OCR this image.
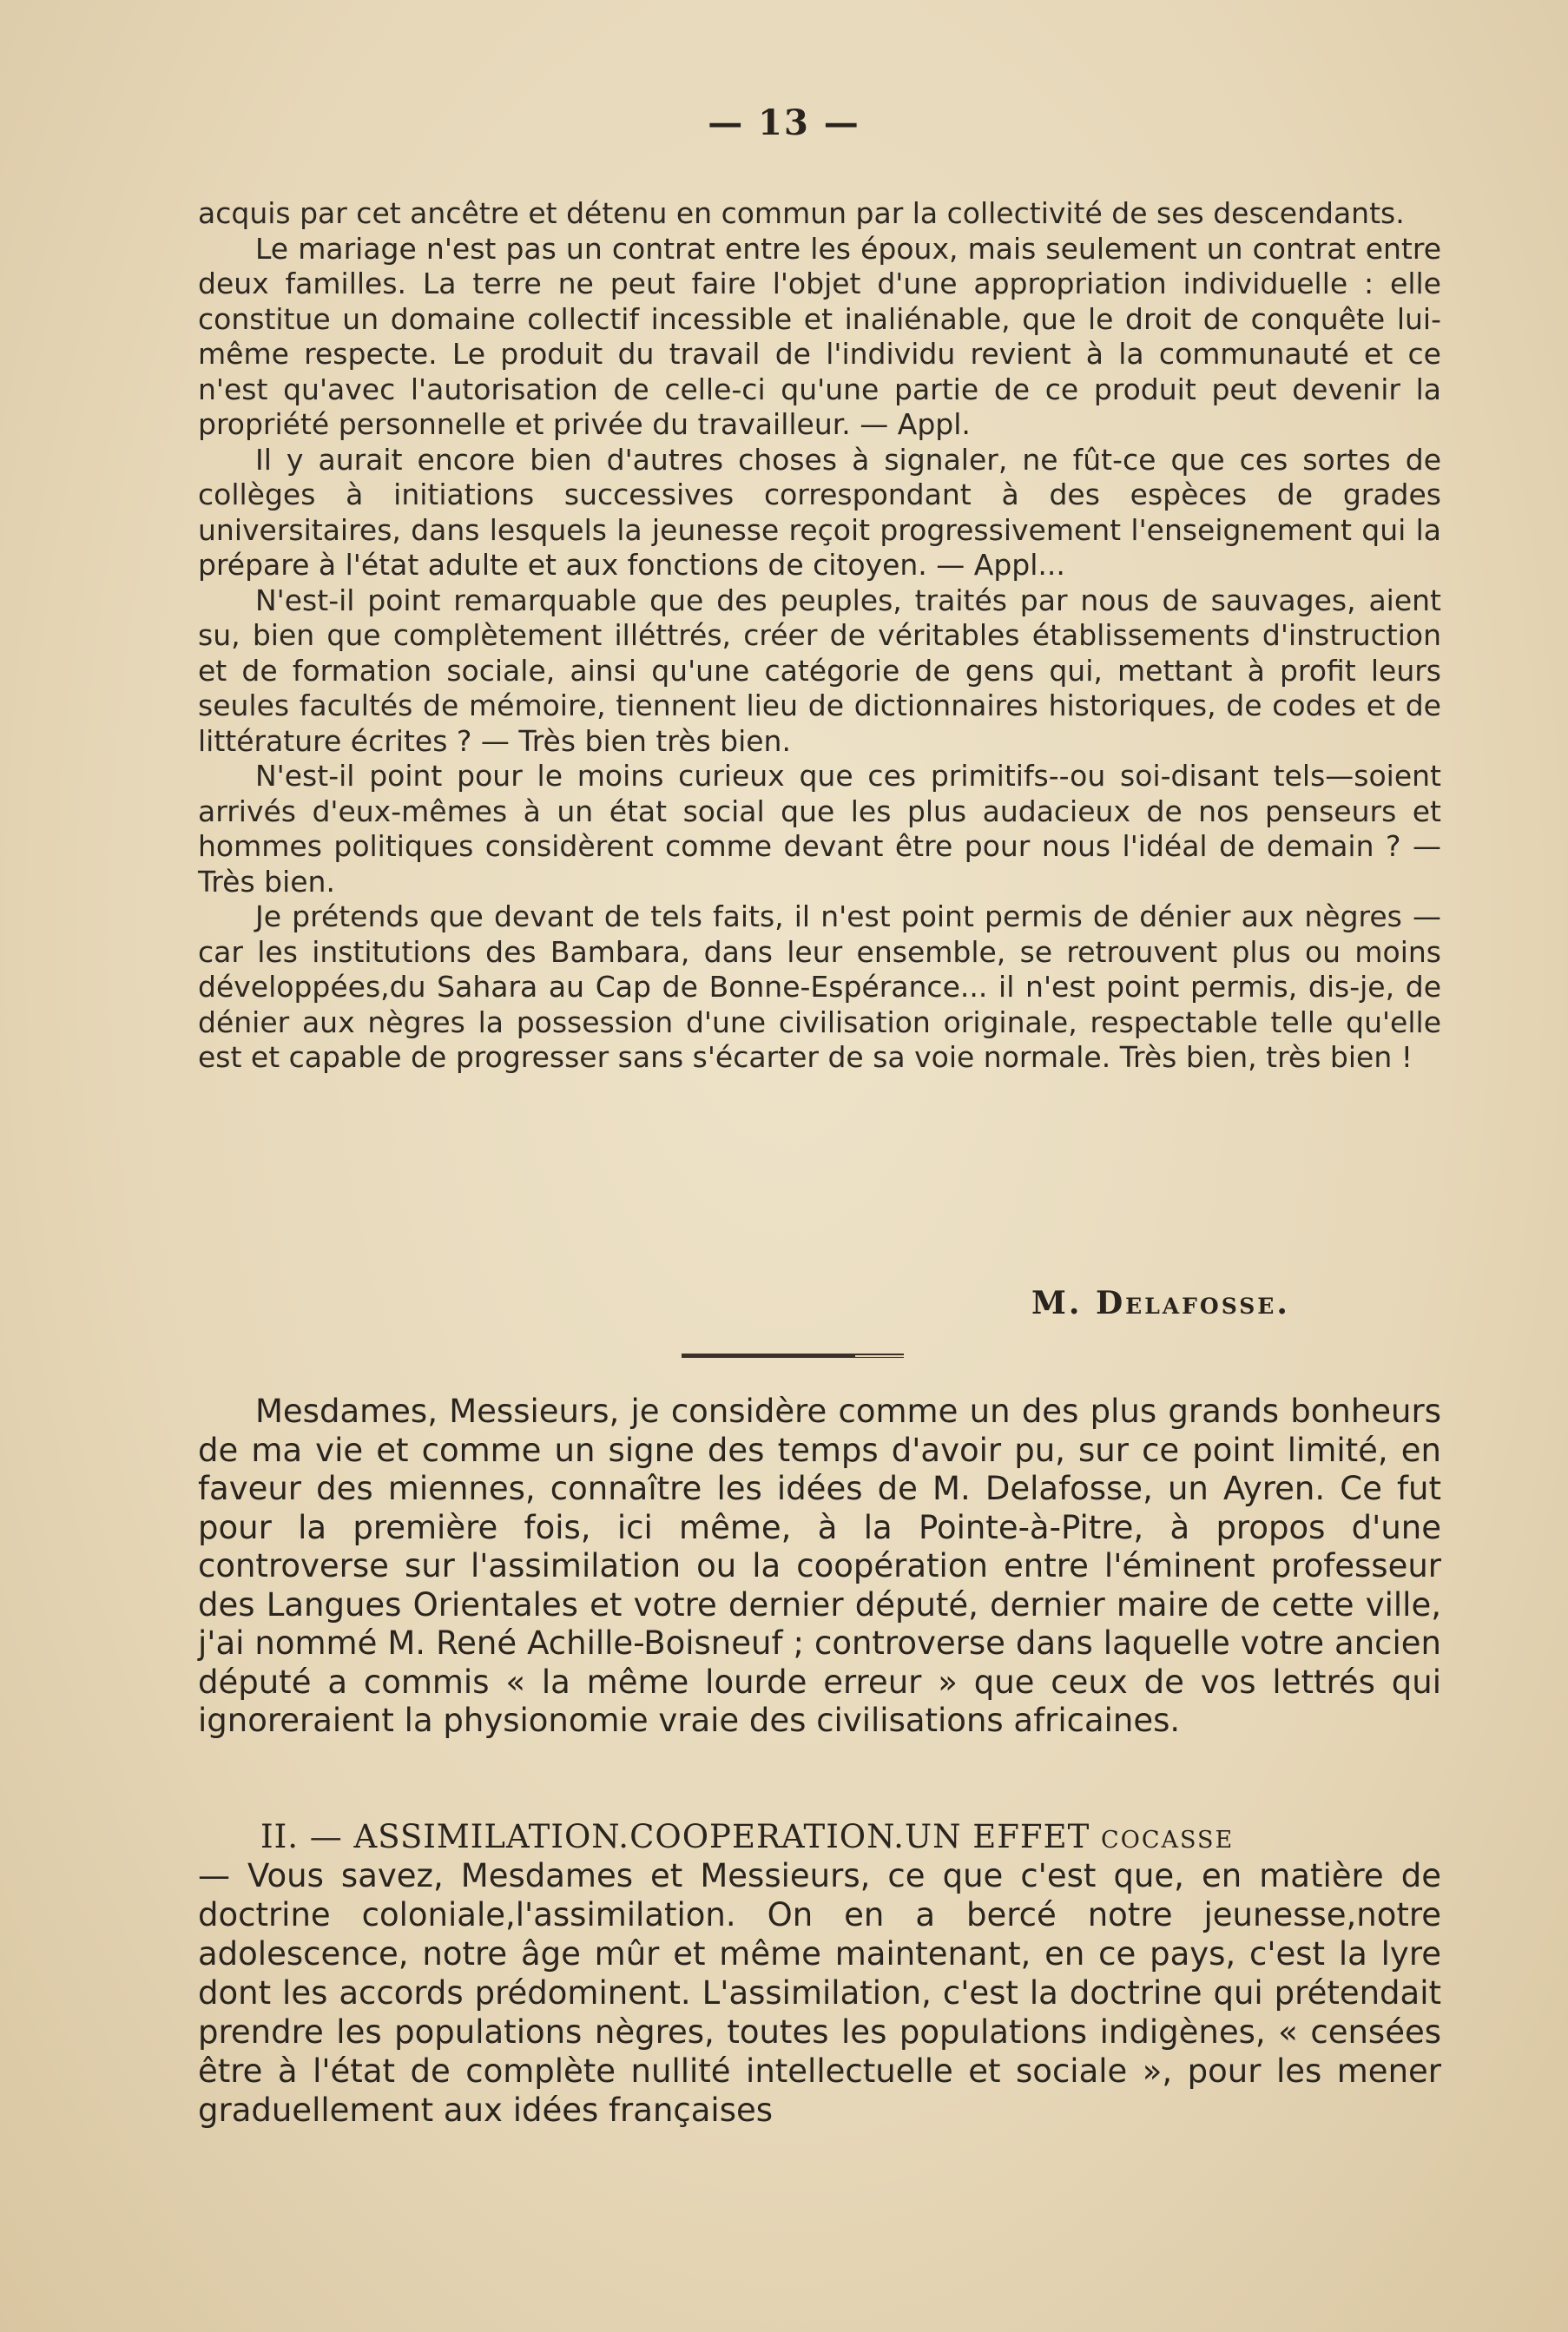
— 13 —

acquis par cet ancêtre et détenu en commun par la collectivité de ses descendants.

Le mariage n'est pas un contrat entre les époux, mais seulement un contrat entre deux familles. La terre ne peut faire l'objet d'une appropriation individuelle : elle constitue un domaine collectif incessible et inaliénable, que le droit de conquête lui-même respecte. Le produit du travail de l'individu revient à la communauté et ce n'est qu'avec l'autorisation de celle-ci qu'une partie de ce produit peut devenir la propriété personnelle et privée du travailleur. — Appl.

Il y aurait encore bien d'autres choses à signaler, ne fût-ce que ces sortes de collèges à initiations successives correspondant à des espèces de grades universitaires, dans lesquels la jeunesse reçoit progressivement l'enseignement qui la prépare à l'état adulte et aux fonctions de citoyen. — Appl...

N'est-il point remarquable que des peuples, traités par nous de sauvages, aient su, bien que complètement illéttrés, créer de véritables établissements d'instruction et de formation sociale, ainsi qu'une catégorie de gens qui, mettant à profit leurs seules facultés de mémoire, tiennent lieu de dictionnaires historiques, de codes et de littérature écrites ? — Très bien très bien.

N'est-il point pour le moins curieux que ces primitifs--ou soi-disant tels—soient arrivés d'eux-mêmes à un état social que les plus audacieux de nos penseurs et hommes politiques considèrent comme devant être pour nous l'idéal de demain ? — Très bien.

Je prétends que devant de tels faits, il n'est point permis de dénier aux nègres — car les institutions des Bambara, dans leur ensemble, se retrouvent plus ou moins développées,du Sahara au Cap de Bonne-Espérance... il n'est point permis, dis-je, de dénier aux nègres la possession d'une civilisation originale, respectable telle qu'elle est et capable de progresser sans s'écarter de sa voie normale. Très bien, très bien !

M. Delafosse.

Mesdames, Messieurs, je considère comme un des plus grands bonheurs de ma vie et comme un signe des temps d'avoir pu, sur ce point limité, en faveur des miennes, connaître les idées de M. Delafosse, un Ayren. Ce fut pour la première fois, ici même, à la Pointe-à-Pitre, à propos d'une controverse sur l'assimilation ou la coopération entre l'éminent professeur des Langues Orientales et votre dernier député, dernier maire de cette ville, j'ai nommé M. René Achille-Boisneuf ; controverse dans laquelle votre ancien député a commis « la même lourde erreur » que ceux de vos lettrés qui ignoreraient la physionomie vraie des civilisations africaines.

II. — ASSIMILATION.COOPERATION.UN EFFET COCASSE

— Vous savez, Mesdames et Messieurs, ce que c'est que, en matière de doctrine coloniale,l'assimilation. On en a bercé notre jeunesse,notre adolescence, notre âge mûr et même maintenant, en ce pays, c'est la lyre dont les accords prédominent. L'assimilation, c'est la doctrine qui prétendait prendre les populations nègres, toutes les populations indigènes, « censées être à l'état de complète nullité intellectuelle et sociale », pour les mener graduellement aux idées françaises
